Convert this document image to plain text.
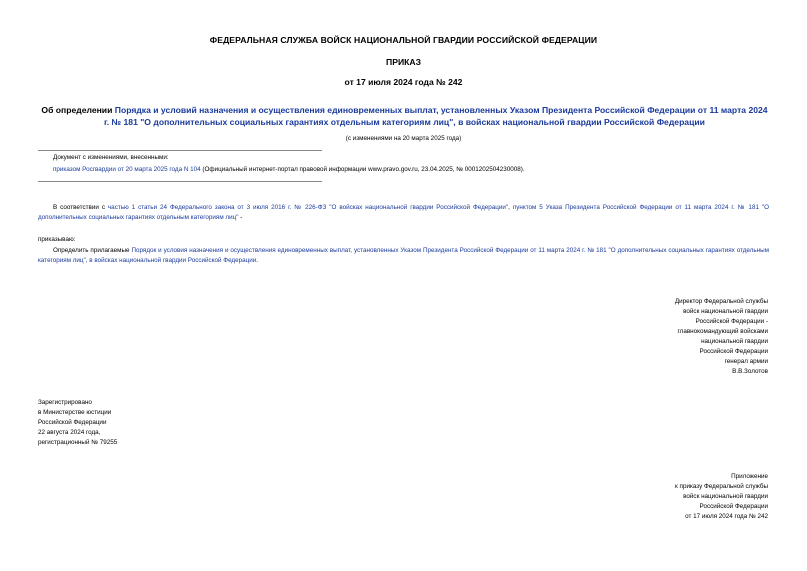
ФЕДЕРАЛЬНАЯ СЛУЖБА ВОЙСК НАЦИОНАЛЬНОЙ ГВАРДИИ РОССИЙСКОЙ ФЕДЕРАЦИИ
ПРИКАЗ
от 17 июля 2024 года № 242
Об определении Порядка и условий назначения и осуществления единовременных выплат, установленных Указом Президента Российской Федерации от 11 марта 2024 г. № 181 "О дополнительных социальных гарантиях отдельным категориям лиц", в войсках национальной гвардии Российской Федерации
(с изменениями на 20 марта 2025 года)
Документ с изменениями, внесенными:
приказом Росгвардии от 20 марта 2025 года N 104 (Официальный интернет-портал правовой информации www.pravo.gov.ru, 23.04.2025, № 0001202504230008).
В соответствии с частью 1 статьи 24 Федерального закона от 3 июля 2016 г. № 226-ФЗ "О войсках национальной гвардии Российской Федерации", пунктом 5 Указа Президента Российской Федерации от 11 марта 2024 г. № 181 "О дополнительных социальных гарантиях отдельным категориям лиц" -
приказываю:
Определить прилагаемые Порядок и условия назначения и осуществления единовременных выплат, установленных Указом Президента Российской Федерации от 11 марта 2024 г. № 181 "О дополнительных социальных гарантиях отдельным категориям лиц", в войсках национальной гвардии Российской Федерации.
Директор Федеральной службы
войск национальной гвардии
Российской Федерации -
главнокомандующий войсками
национальной гвардии
Российской Федерации
генерал армии
В.В.Золотов
Зарегистрировано
в Министерстве юстиции
Российской Федерации
22 августа 2024 года,
регистрационный № 79255
Приложение
к приказу Федеральной службы
войск национальной гвардии
Российской Федерации
от 17 июля 2024 года № 242
